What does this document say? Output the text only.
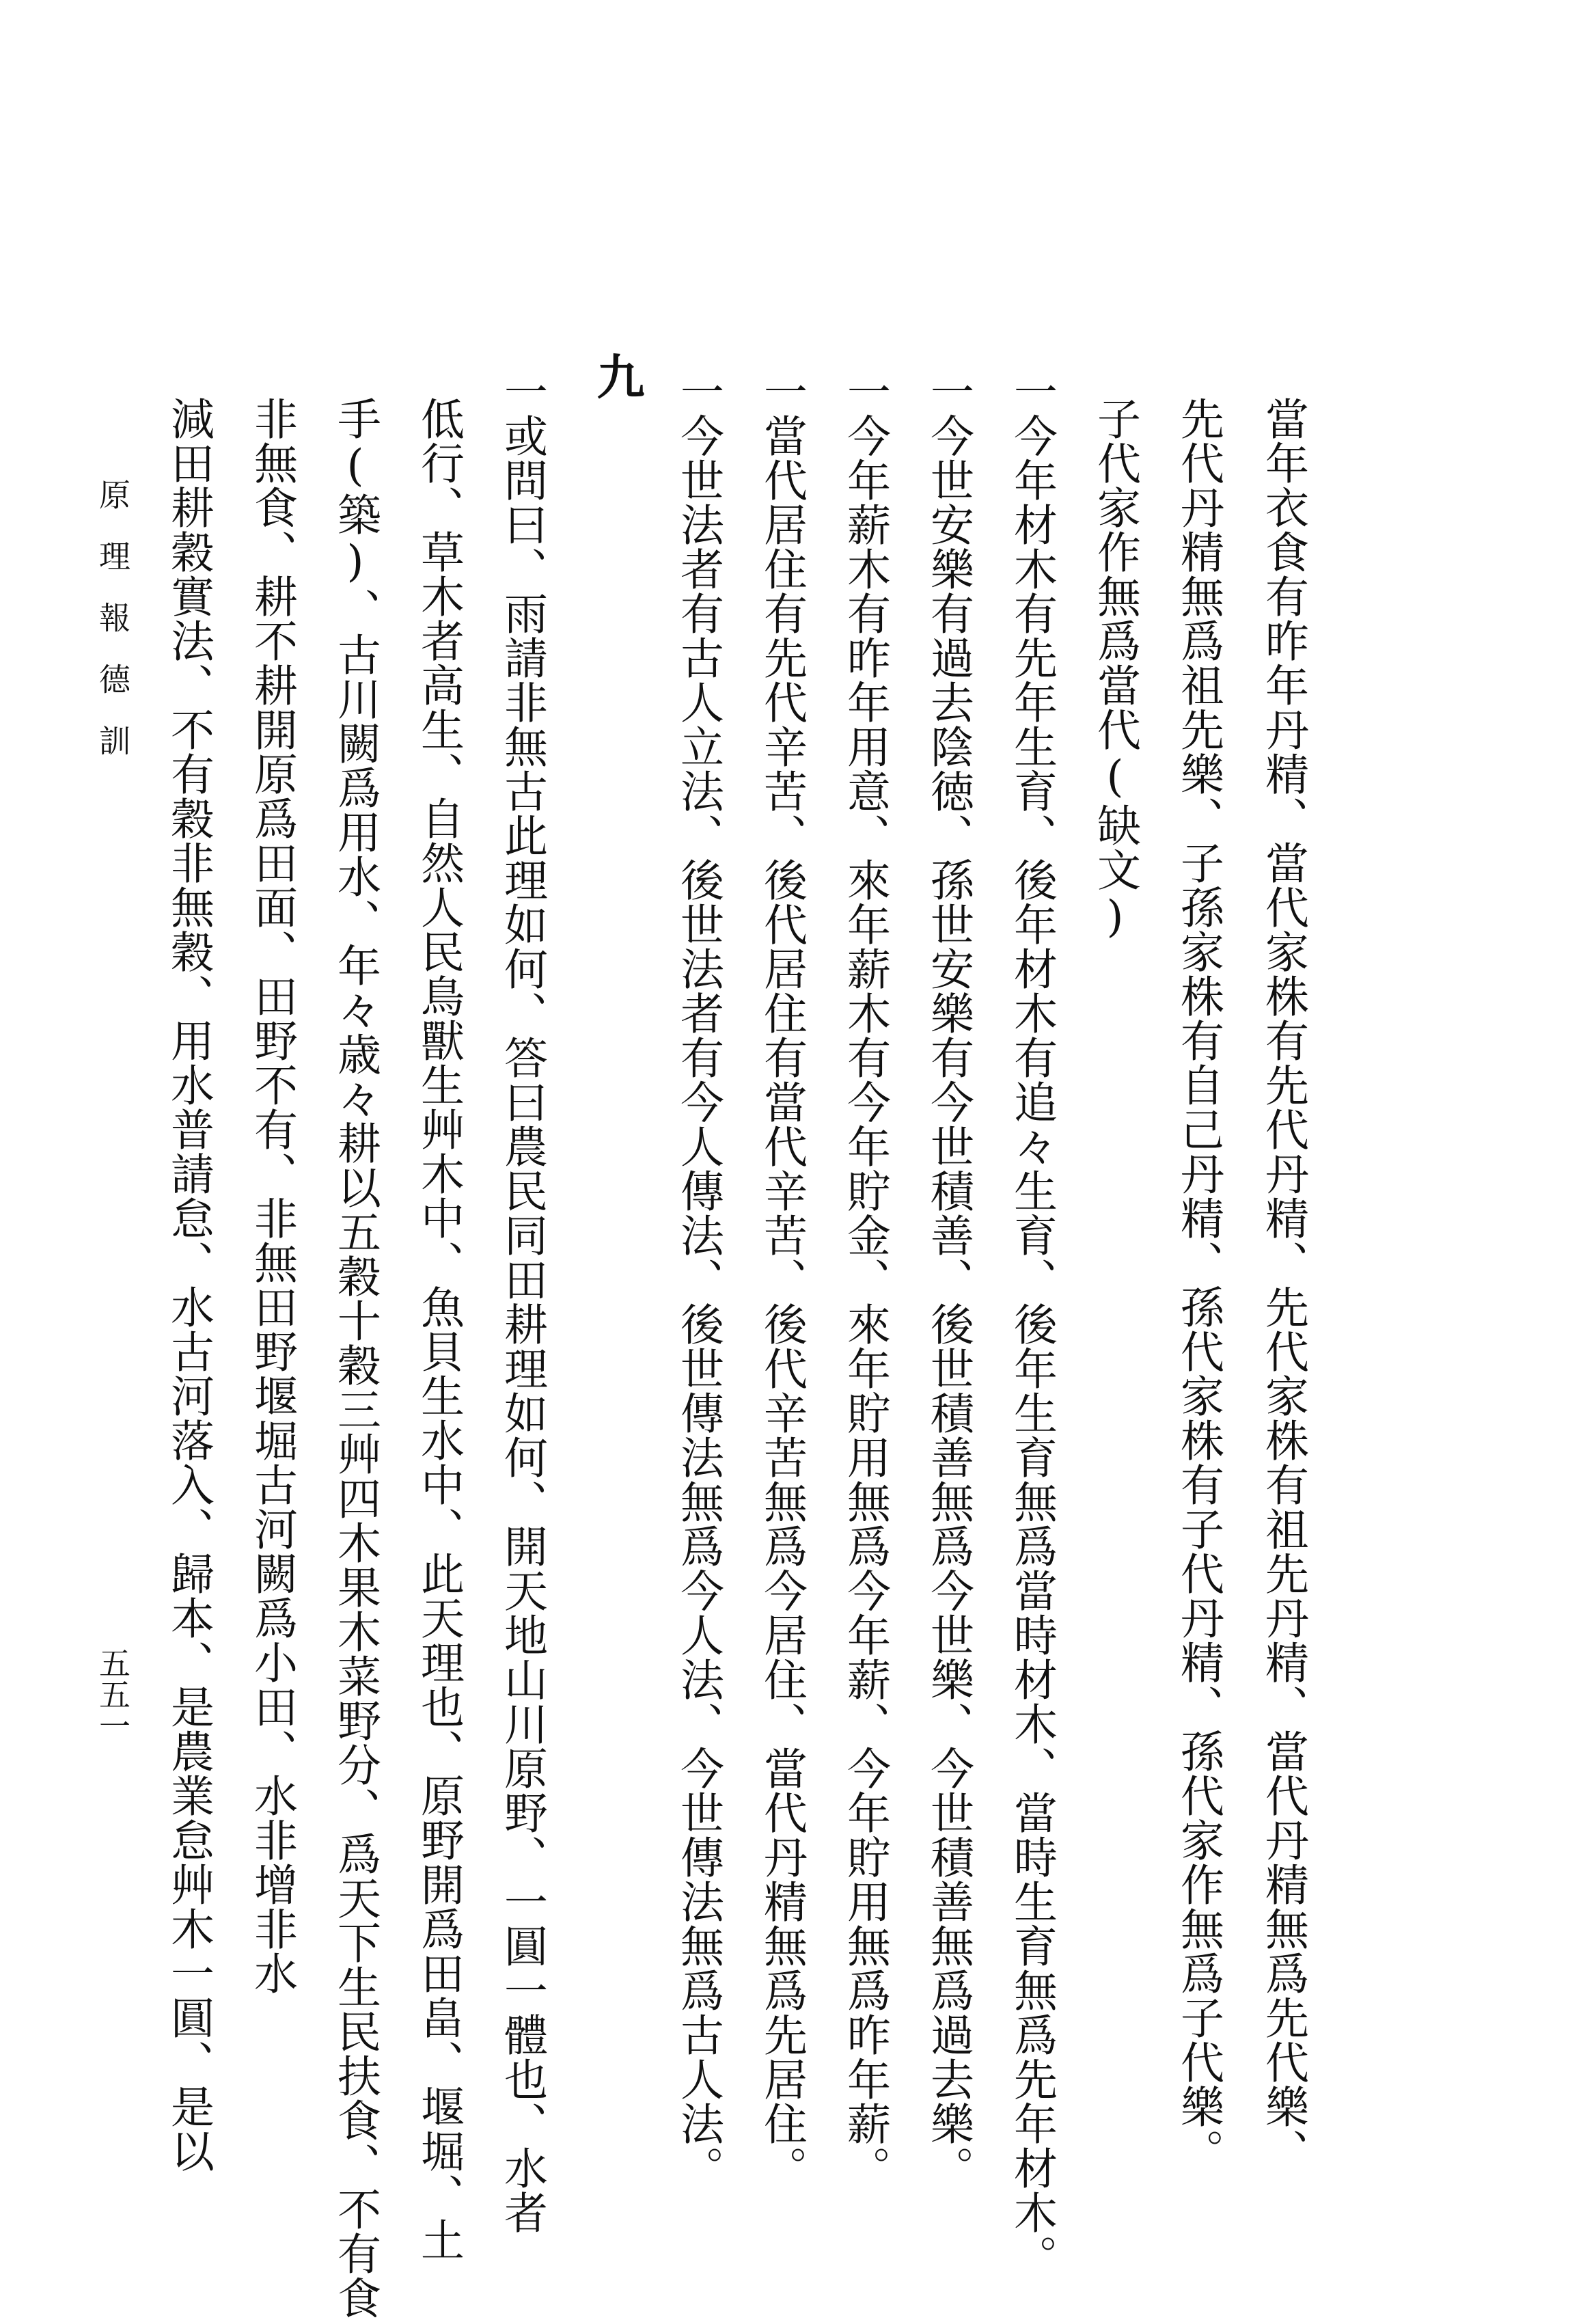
當年衣食有昨年丹精、當代家株有先代丹精、先代家株有祖先丹精、當代丹精無爲先代樂、
先代丹精無爲祖先樂、子孫家株有自己丹精、孫代家株有子代丹精、孫代家作無爲子代樂。
子代家作無爲當代(缺文)
一今年材木有先年生育、後年材木有追々生育、後年生育無爲當時材木、當時生育無爲先年材木。
一今世安樂有過去陰徳、孫世安樂有今世積善、後世積善無爲今世樂、今世積善無爲過去樂。
一今年薪木有昨年用意、來年薪木有今年貯金、來年貯用無爲今年薪、今年貯用無爲昨年薪。
一當代居住有先代辛苦、後代居住有當代辛苦、後代辛苦無爲今居住、當代丹精無爲先居住。
一今世法者有古人立法、後世法者有今人傳法、後世傳法無爲今人法、今世傳法無爲古人法。
九
一或問曰、雨請非無古此理如何、答曰農民同田耕理如何、開天地山川原野、一圓一體也、水者
低行、草木者高生、自然人民鳥獸生艸木中、魚貝生水中、此天理也、原野開爲田畠、堰堀、土
手(築)、古川闕爲用水、年々歳々耕以五穀十穀三艸四木果木菜野分、爲天下生民扶食、不有食
非無食、耕不耕開原爲田面、田野不有、非無田野堰堀古河闕爲小田、水非增非水
減田耕穀實法、不有穀非無穀、用水普請怠、水古河落入、歸本、是農業怠艸木一圓、是以
原理報德訓
五五一
